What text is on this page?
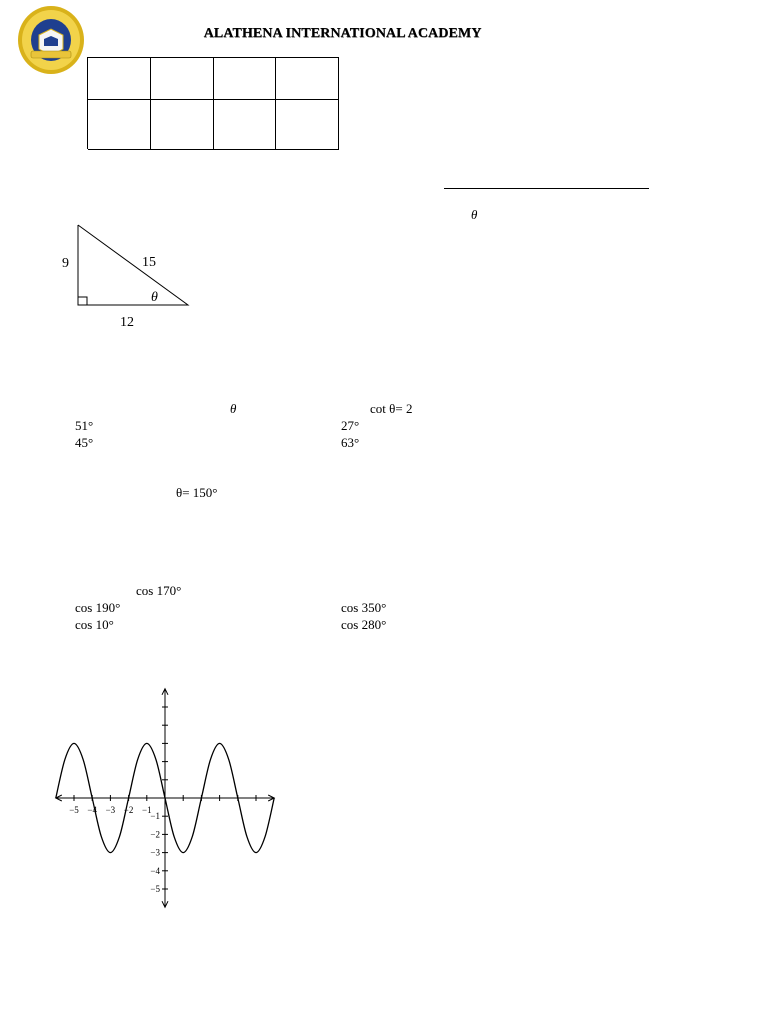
ALATHENA INTERNATIONAL ACADEMY
θ
9	15
θ
12
θ	cot θ= 2
51°	27°
45°	63°
θ= 150°
cos 170°
cos 190°	cos 350°
cos 10°	cos 280°
−5 −4 −3 −2 −1
−1
−2
−3
−4
−5
